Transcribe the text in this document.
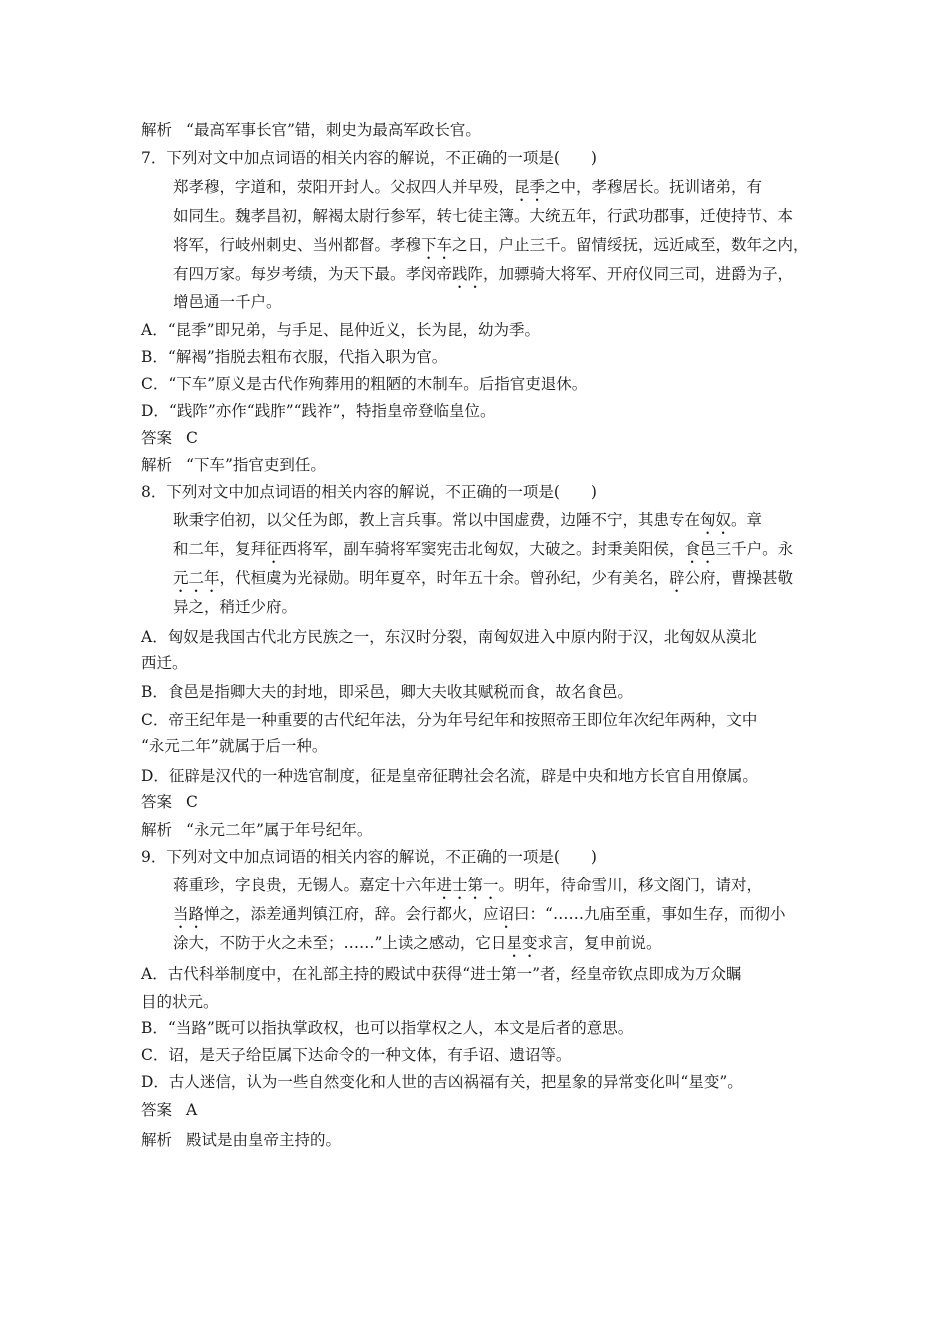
解析 “最高军事长官”错，刺史为最高军政长官。
7．下列对文中加点词语的相关内容的解说，不正确的一项是(　　)
郑孝穆，字道和，荥阳开封人。父叔四人并早殁，昆季之中，孝穆居长。抚训诸弟，有
如同生。魏孝昌初，解褐太尉行参军，转七徒主簿。大统五年，行武功郡事，迁使持节、本
将军，行岐州刺史、当州都督。孝穆下车之日，户止三千。留情绥抚，远近咸至，数年之内，
有四万家。每岁考绩，为天下最。孝闵帝践阼，加骠骑大将军、开府仪同三司，进爵为子，
增邑通一千户。
A．“昆季”即兄弟，与手足、昆仲近义，长为昆，幼为季。
B．“解褐”指脱去粗布衣服，代指入职为官。
C．“下车”原义是古代作殉葬用的粗陋的木制车。后指官吏退休。
D．“践阼”亦作“践胙”“践祚”，特指皇帝登临皇位。
答案 C
解析 “下车”指官吏到任。
8．下列对文中加点词语的相关内容的解说，不正确的一项是(　　)
耿秉字伯初，以父任为郎，教上言兵事。常以中国虚费，边陲不宁，其患专在匈奴。章
和二年，复拜征西将军，副车骑将军窦宪击北匈奴，大破之。封秉美阳侯，食邑三千户。永
元二年，代桓虞为光禄勋。明年夏卒，时年五十余。曾孙纪，少有美名，辟公府，曹操甚敬
异之，稍迁少府。
A．匈奴是我国古代北方民族之一，东汉时分裂，南匈奴进入中原内附于汉，北匈奴从漠北
西迁。
B．食邑是指卿大夫的封地，即采邑，卿大夫收其赋税而食，故名食邑。
C．帝王纪年是一种重要的古代纪年法，分为年号纪年和按照帝王即位年次纪年两种，文中
“永元二年”就属于后一种。
D．征辟是汉代的一种选官制度，征是皇帝征聘社会名流，辟是中央和地方长官自用僚属。
答案 C
解析 “永元二年”属于年号纪年。
9．下列对文中加点词语的相关内容的解说，不正确的一项是(　　)
蒋重珍，字良贵，无锡人。嘉定十六年进士第一。明年，待命雪川，移文阁门，请对，
当路惮之，添差通判镇江府，辞。会行都火，应诏曰：“……九庙至重，事如生存，而彻小
涂大，不防于火之未至；……”上读之感动，它日星变求言，复申前说。
A．古代科举制度中，在礼部主持的殿试中获得“进士第一”者，经皇帝钦点即成为万众瞩
目的状元。
B．“当路”既可以指执掌政权，也可以指掌权之人，本文是后者的意思。
C．诏，是天子给臣属下达命令的一种文体，有手诏、遗诏等。
D．古人迷信，认为一些自然变化和人世的吉凶祸福有关，把星象的异常变化叫“星变”。
答案 A
解析 殿试是由皇帝主持的。
